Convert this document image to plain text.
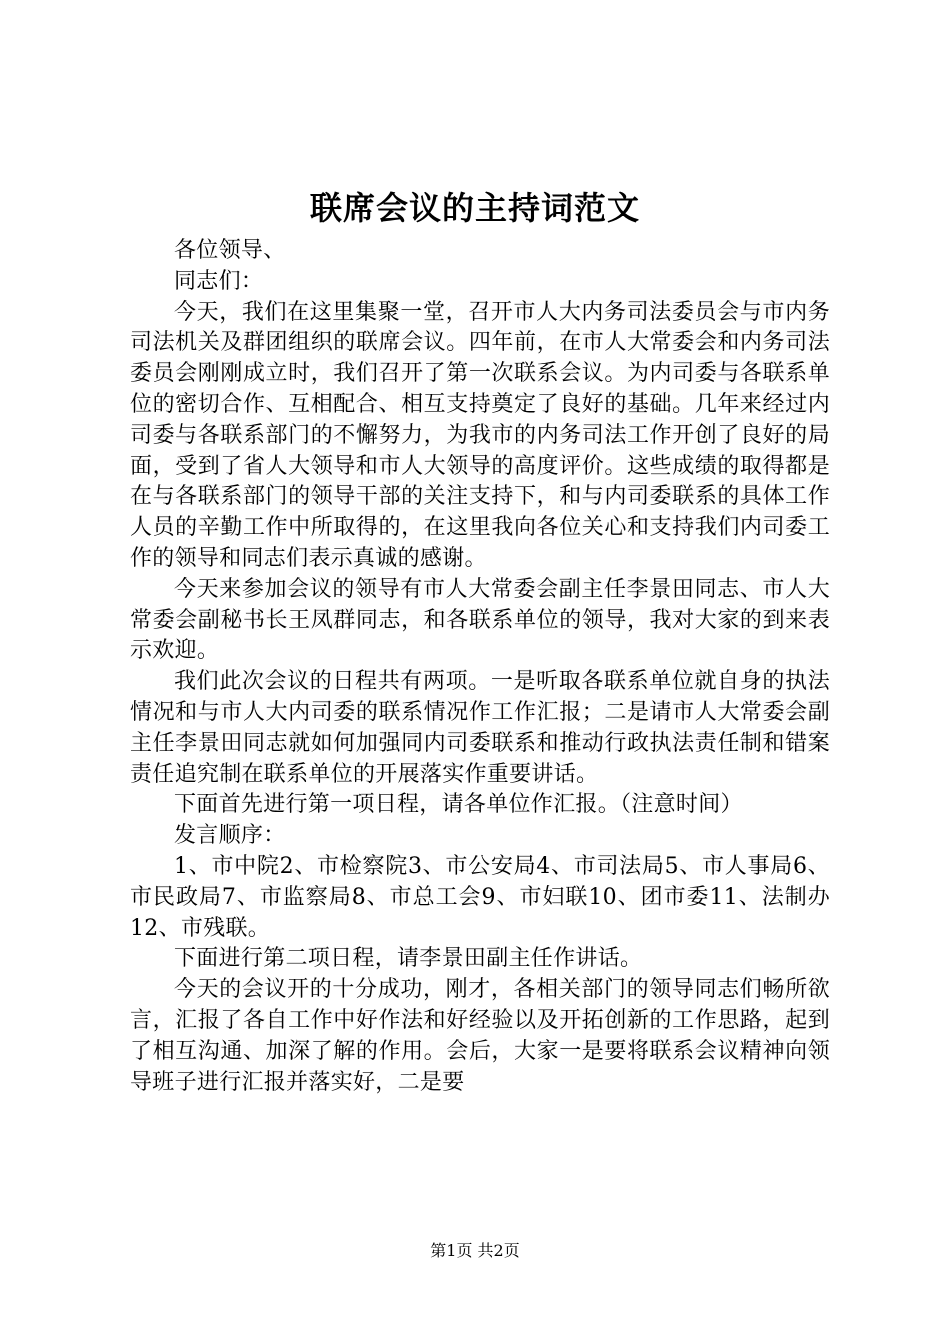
联席会议的主持词范文

各位领导、

同志们：

今天，我们在这里集聚一堂，召开市人大内务司法委员会与市内务司法机关及群团组织的联席会议。四年前，在市人大常委会和内务司法委员会刚刚成立时，我们召开了第一次联系会议。为内司委与各联系单位的密切合作、互相配合、相互支持奠定了良好的基础。几年来经过内司委与各联系部门的不懈努力，为我市的内务司法工作开创了良好的局面，受到了省人大领导和市人大领导的高度评价。这些成绩的取得都是在与各联系部门的领导干部的关注支持下，和与内司委联系的具体工作人员的辛勤工作中所取得的，在这里我向各位关心和支持我们内司委工作的领导和同志们表示真诚的感谢。

今天来参加会议的领导有市人大常委会副主任李景田同志、市人大常委会副秘书长王凤群同志，和各联系单位的领导，我对大家的到来表示欢迎。

我们此次会议的日程共有两项。一是听取各联系单位就自身的执法情况和与市人大内司委的联系情况作工作汇报；二是请市人大常委会副主任李景田同志就如何加强同内司委联系和推动行政执法责任制和错案责任追究制在联系单位的开展落实作重要讲话。

下面首先进行第一项日程，请各单位作汇报。（注意时间）

发言顺序：

1、市中院2、市检察院3、市公安局4、市司法局5、市人事局6、市民政局7、市监察局8、市总工会9、市妇联10、团市委11、法制办12、市残联。

下面进行第二项日程，请李景田副主任作讲话。

今天的会议开的十分成功，刚才，各相关部门的领导同志们畅所欲言，汇报了各自工作中好作法和好经验以及开拓创新的工作思路，起到了相互沟通、加深了解的作用。会后，大家一是要将联系会议精神向领导班子进行汇报并落实好，二是要

第1页 共2页
